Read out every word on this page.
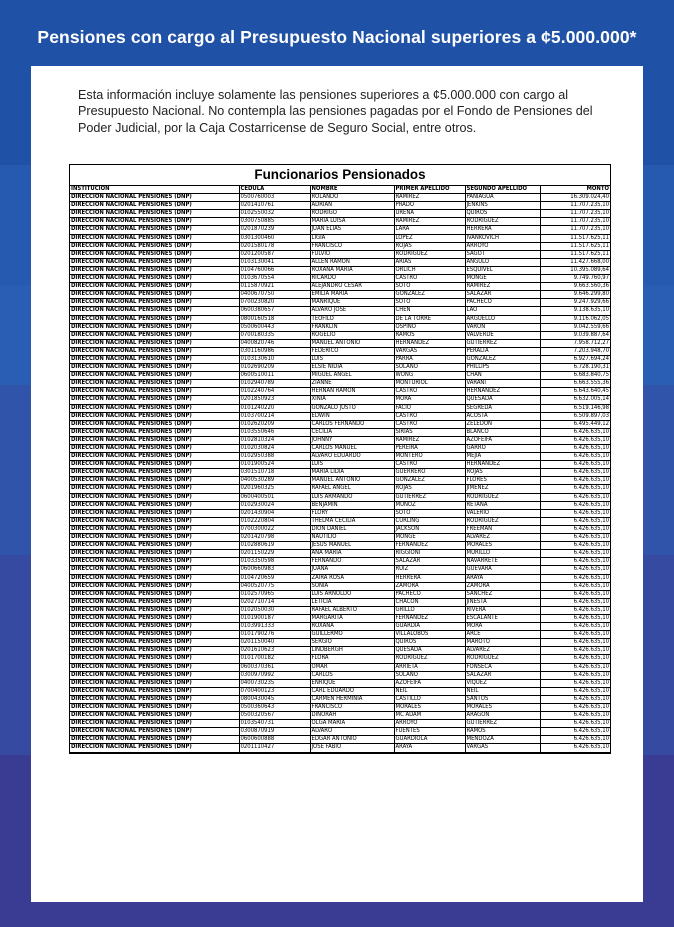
Pensiones con cargo al Presupuesto Nacional superiores a ¢5.000.000*
Esta información incluye solamente las pensiones superiores a ¢5.000.000 con cargo al Presupuesto Nacional. No contempla las pensiones pagadas por el Fondo de Pensiones del Poder Judicial, por la Caja Costarricense de Seguro Social, entre otros.
Funcionarios Pensionados
INSTITUCION	CEDULA	NOMBRE	PRIMER APELLIDO	SEGUNDO APELLIDO	MONTO
DIRECCIÓN NACIONAL PENSIONES (DNP)	0500760003	ROLANDO	RAMIREZ	PANIAGUA	16.309.024,40
DIRECCIÓN NACIONAL PENSIONES (DNP)	0201410761	ADRIAN	PRADO	JENKINS	11.707.235,10
DIRECCIÓN NACIONAL PENSIONES (DNP)	0102550032	RODRIGO	UREÑA	QUIROS	11.707.235,10
DIRECCIÓN NACIONAL PENSIONES (DNP)	0300750885	MARIA LUISA	RAMIREZ	RODRIGUEZ	11.707.235,10
DIRECCIÓN NACIONAL PENSIONES (DNP)	0201870239	JUAN ELIAS	LARA	HERRERA	11.707.235,10
DIRECCIÓN NACIONAL PENSIONES (DNP)	0301300460	LIGIA	LOPEZ	IVANKOVICH	11.517.625,11
DIRECCIÓN NACIONAL PENSIONES (DNP)	0201580178	FRANCISCO	ROJAS	ARROYO	11.517.625,11
DIRECCIÓN NACIONAL PENSIONES (DNP)	0201200587	FULVIO	RODRIGUEZ	SAGOT	11.517.625,11
DIRECCIÓN NACIONAL PENSIONES (DNP)	0103130041	ALLEN RAMON	ARIAS	ANGULO	11.427.668,00
DIRECCIÓN NACIONAL PENSIONES (DNP)	0104760066	ROXANA MARIA	ORLICH	ESQUIVEL	10.395.089,64
DIRECCIÓN NACIONAL PENSIONES (DNP)	0103670554	RICARDO	CASTRO	MONGE	9.749.760,97
DIRECCIÓN NACIONAL PENSIONES (DNP)	0115870921	ALEJANDRO CESAR	SOTO	RAMIREZ	9.663.560,36
DIRECCIÓN NACIONAL PENSIONES (DNP)	0400670750	EMILIA MARIA	GONZALEZ	SALAZAR	9.646.299,80
DIRECCIÓN NACIONAL PENSIONES (DNP)	0700230820	MANRIQUE	SOTO	PACHECO	9.247.929,66
DIRECCIÓN NACIONAL PENSIONES (DNP)	0600380657	ALVARO JOSE	CHEN	LAO	9.138.635,10
DIRECCIÓN NACIONAL PENSIONES (DNP)	0800160518	TEOFILO	DE LA TORRE	ARGUELLO	9.116.062,05
DIRECCIÓN NACIONAL PENSIONES (DNP)	0500600443	FRANKLIN	OSPINO	VARON	9.042.559,66
DIRECCIÓN NACIONAL PENSIONES (DNP)	0700180335	ROGELIO	RAMOS	VALVERDE	9.039.887,64
DIRECCIÓN NACIONAL PENSIONES (DNP)	0400820746	MANUEL ANTONIO	HERNANDEZ	GUTIERREZ	7.958.712,27
DIRECCIÓN NACIONAL PENSIONES (DNP)	0301160986	FEDERICO	VARGAS	PERALTA	7.203.948,70
DIRECCIÓN NACIONAL PENSIONES (DNP)	0103130610	LUIS	PARRA	GONZALEZ	6.927.694,24
DIRECCIÓN NACIONAL PENSIONES (DNP)	0102690209	ELSIE NIDIA	SOLANO	PHILLIPS	6.728.190,31
DIRECCIÓN NACIONAL PENSIONES (DNP)	0600510011	MIGUEL ANGEL	WONG	CHAN	6.683.840,75
DIRECCIÓN NACIONAL PENSIONES (DNP)	0102940789	ZIANNE	MONTURIOL	VARANI	6.663.555,36
DIRECCIÓN NACIONAL PENSIONES (DNP)	0102240764	HERNAN RAMON	CASTRO	HERNANDEZ	6.643.640,45
DIRECCIÓN NACIONAL PENSIONES (DNP)	0201850923	XINIA	MORA	QUESADA	6.632.005,14
DIRECCIÓN NACIONAL PENSIONES (DNP)	0101240220	GONZALO JUSTO	FACIO	SEGREDA	6.519.146,98
DIRECCIÓN NACIONAL PENSIONES (DNP)	0103700214	EDWIN	CASTRO	ACOSTA	6.509.897,03
DIRECCIÓN NACIONAL PENSIONES (DNP)	0102620209	CARLOS FERNANDO	CASTRO	ZELEDON	6.495.449,12
DIRECCIÓN NACIONAL PENSIONES (DNP)	0103550646	CECILIA	SIRIAS	BLANCO	6.426.635,10
DIRECCIÓN NACIONAL PENSIONES (DNP)	0102810324	JOHNNY	RAMIREZ	AZOFEIFA	6.426.635,10
DIRECCIÓN NACIONAL PENSIONES (DNP)	0102030824	CARLOS MANUEL	PEREIRA	GARRO	6.426.635,10
DIRECCIÓN NACIONAL PENSIONES (DNP)	0102950388	ALVARO EDUARDO	MONTERO	MEJIA	6.426.635,10
DIRECCIÓN NACIONAL PENSIONES (DNP)	0101900524	LUIS	CASTRO	HERNANDEZ	6.426.635,10
DIRECCIÓN NACIONAL PENSIONES (DNP)	0301510718	MARIA LIDIA	GUERRERO	ROJAS	6.426.635,10
DIRECCIÓN NACIONAL PENSIONES (DNP)	0400530289	MANUEL ANTONIO	GONZALEZ	FLORES	6.426.635,10
DIRECCIÓN NACIONAL PENSIONES (DNP)	0201960325	RAFAEL ANGEL	ROJAS	JIMENEZ	6.426.635,10
DIRECCIÓN NACIONAL PENSIONES (DNP)	0600400501	LUIS ARMANDO	GUTIERREZ	RODRIGUEZ	6.426.635,10
DIRECCIÓN NACIONAL PENSIONES (DNP)	0102930024	BENJAMIN	MUÑOZ	RETANA	6.426.635,10
DIRECCIÓN NACIONAL PENSIONES (DNP)	0201430904	FLORY	SOTO	VALERIO	6.426.635,10
DIRECCIÓN NACIONAL PENSIONES (DNP)	0102220804	THELMA CECILIA	CURLING	RODRIGUEZ	6.426.635,10
DIRECCIÓN NACIONAL PENSIONES (DNP)	0700300022	DION DANIEL	JACKSON	FREEMAN	6.426.635,10
DIRECCIÓN NACIONAL PENSIONES (DNP)	0201420798	NAUTILIO	MONGE	ALVAREZ	6.426.635,10
DIRECCIÓN NACIONAL PENSIONES (DNP)	0102880619	JESUS MANUEL	FERNANDEZ	MORALES	6.426.635,10
DIRECCIÓN NACIONAL PENSIONES (DNP)	0201150229	ANA MARIA	RIGGIONI	MURILLO	6.426.635,10
DIRECCIÓN NACIONAL PENSIONES (DNP)	0103350598	FERNANDO	SALAZAR	NAVARRETE	6.426.635,10
DIRECCIÓN NACIONAL PENSIONES (DNP)	0600660983	JUANA	RUIZ	GUEVARA	6.426.635,10
DIRECCIÓN NACIONAL PENSIONES (DNP)	0104720659	ZAIRA ROSA	HERRERA	ARAYA	6.426.635,10
DIRECCIÓN NACIONAL PENSIONES (DNP)	0400520775	SONIA	ZAMORA	ZAMORA	6.426.635,10
DIRECCIÓN NACIONAL PENSIONES (DNP)	0102570965	LUIS ARNOLDO	PACHECO	SANCHEZ	6.426.635,10
DIRECCIÓN NACIONAL PENSIONES (DNP)	0202710714	LETICIA	CHACON	JINESTA	6.426.635,10
DIRECCIÓN NACIONAL PENSIONES (DNP)	0102050030	RAFAEL ALBERTO	GRILLO	RIVERA	6.426.635,10
DIRECCIÓN NACIONAL PENSIONES (DNP)	0101900187	MARGARITA	FERNANDEZ	ESCALANTE	6.426.635,10
DIRECCIÓN NACIONAL PENSIONES (DNP)	0103991333	ROXANA	GUARDIA	MORA	6.426.635,10
DIRECCIÓN NACIONAL PENSIONES (DNP)	0101790276	GUILLERMO	VILLALOBOS	ARCE	6.426.635,10
DIRECCIÓN NACIONAL PENSIONES (DNP)	0201150040	SERGIO	QUIROS	MAROTO	6.426.635,10
DIRECCIÓN NACIONAL PENSIONES (DNP)	0201610623	LINDBERGH	QUESADA	ALVAREZ	6.426.635,10
DIRECCIÓN NACIONAL PENSIONES (DNP)	0101700182	FLORA	RODRIGUEZ	RODRIGUEZ	6.426.635,10
DIRECCIÓN NACIONAL PENSIONES (DNP)	0600370361	OMAR	ARRIETA	FONSECA	6.426.635,10
DIRECCIÓN NACIONAL PENSIONES (DNP)	0300970992	CARLOS	SOLANO	SALAZAR	6.426.635,10
DIRECCIÓN NACIONAL PENSIONES (DNP)	0400730235	ENRIQUE	AZOFEIFA	VIQUEZ	6.426.635,10
DIRECCIÓN NACIONAL PENSIONES (DNP)	0700400123	CARL EDUARDO	NEIL	NEIL	6.426.635,10
DIRECCIÓN NACIONAL PENSIONES (DNP)	0800430045	CARMEN HERMINIA	CASTILLO	SANTOS	6.426.635,10
DIRECCIÓN NACIONAL PENSIONES (DNP)	0500360643	FRANCISCO	MORALES	MORALES	6.426.635,10
DIRECCIÓN NACIONAL PENSIONES (DNP)	0500320567	DINORAH	MC ADAM	ARAGON	6.426.635,10
DIRECCIÓN NACIONAL PENSIONES (DNP)	0103540731	OLGA MARIA	ARROYO	GUTIERREZ	6.426.635,10
DIRECCIÓN NACIONAL PENSIONES (DNP)	0300870919	ALVARO	FUENTES	RAMOS	6.426.635,10
DIRECCIÓN NACIONAL PENSIONES (DNP)	0600600888	EDGAR ANTONIO	GUARDIOLA	MENDOZA	6.426.635,10
DIRECCIÓN NACIONAL PENSIONES (DNP)	0201110427	JOSE FABIO	ARAYA	VARGAS	6.426.635,10
